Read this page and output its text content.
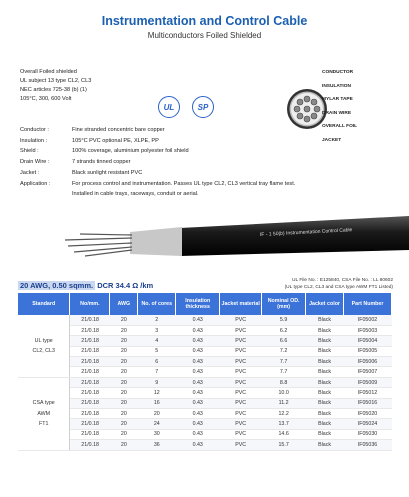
Instrumentation and Control Cable
Multiconductors Foiled Shielded
Overall Foiled shielded
UL subject 13 type CL2, CL3
NEC articles 725-38 (b) (1)
105°C, 300, 600 Volt
UL	SP
CONDUCTOR
INSULATION
MYLAR TAPE
DRAIN WIRE
OVERALL FOIL
JACKET
Conductor :	Fine stranded concentric bare copper
Insulation :	105°C PVC optional PE, XLPE, PP
Shield :	100% coverage, aluminium polyester foil shield
Drain Wire :	7 strands tinned copper
Jacket :	Black sunlight resistant PVC
Application :	For process control and instrumentation. Passes UL type CL2, CL3 vertical tray flame test.
Installed in cable trays, raceways, conduit or aerial.
IF - 1 50(b) Instrumentation Control Cable
UL File No. : E125840, CSA File No. : LL 80602
(UL type CL2, CL3 and CSA type AWM FT1 Listed)
20 AWG, 0.50 sqmm. DCR 34.4 Ω /km
Standard	No/mm.	AWG	No. of cores	Insulation thickness	Jacket material	Nominal OD.(mm)	Jacket color	Part Number

UL type
CL2, CL3	21/0.18	20	2	0.43	PVC	5.9	Black	IF05002
	21/0.18	20	3	0.43	PVC	6.2	Black	IF05003
	21/0.18	20	4	0.43	PVC	6.6	Black	IF05004
	21/0.18	20	5	0.43	PVC	7.2	Black	IF05005
	21/0.18	20	6	0.43	PVC	7.7	Black	IF05006
	21/0.18	20	7	0.43	PVC	7.7	Black	IF05007

CSA type
AWM
FT1	21/0.18	20	9	0.43	PVC	8.8	Black	IF05009
	21/0.18	20	12	0.43	PVC	10.0	Black	IF05012
	21/0.18	20	16	0.43	PVC	11.2	Black	IF05016
	21/0.18	20	20	0.43	PVC	12.2	Black	IF05020
	21/0.18	20	24	0.43	PVC	13.7	Black	IF05024
	21/0.18	20	30	0.43	PVC	14.6	Black	IF05030
	21/0.18	20	36	0.43	PVC	15.7	Black	IF05036
